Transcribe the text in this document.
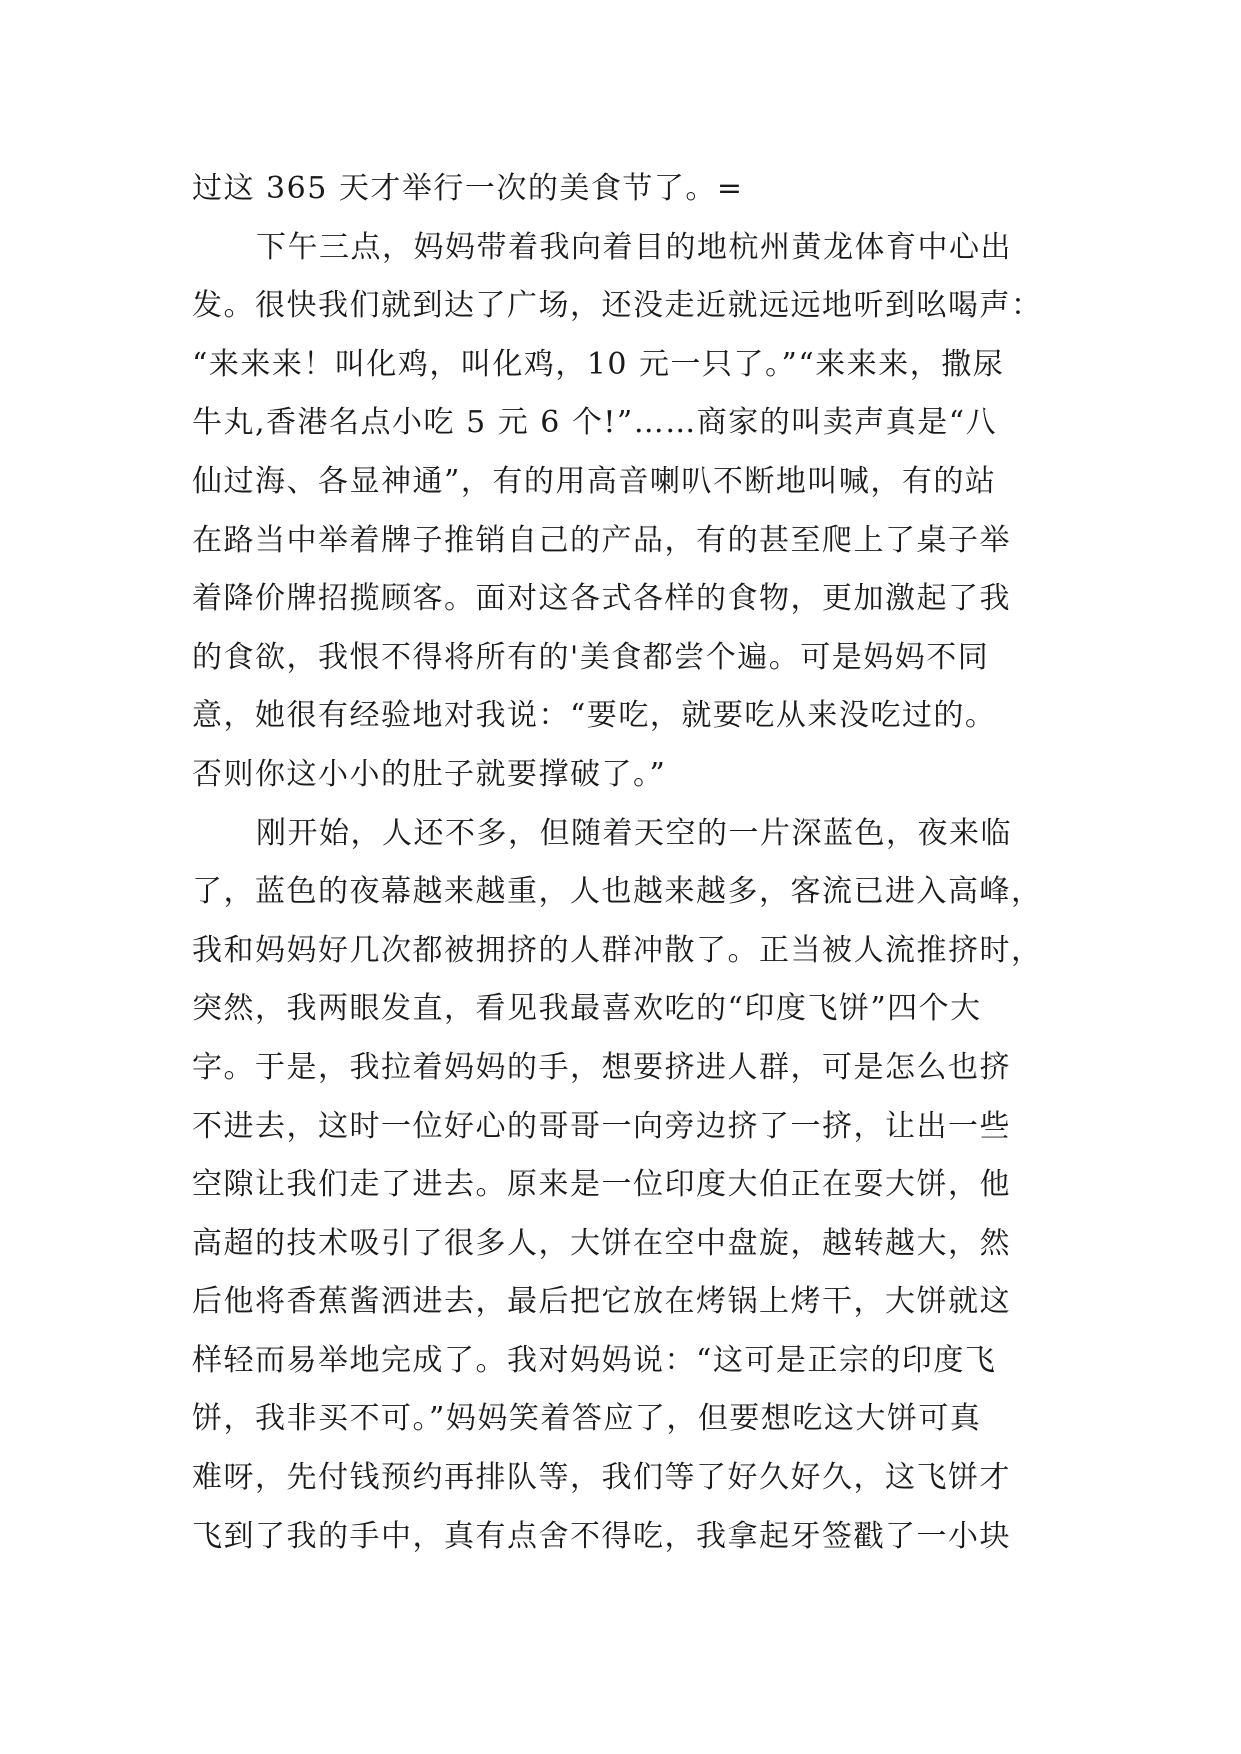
过这 365 天才举行一次的美食节了。=
下午三点，妈妈带着我向着目的地杭州黄龙体育中心出
发。很快我们就到达了广场，还没走近就远远地听到吆喝声：
“来来来！叫化鸡，叫化鸡，10 元一只了。”“来来来，撒尿
牛丸,香港名点小吃 5 元 6 个!”……商家的叫卖声真是“八
仙过海、各显神通”，有的用高音喇叭不断地叫喊，有的站
在路当中举着牌子推销自己的产品，有的甚至爬上了桌子举
着降价牌招揽顾客。面对这各式各样的食物，更加激起了我
的食欲，我恨不得将所有的'美食都尝个遍。可是妈妈不同
意，她很有经验地对我说：“要吃，就要吃从来没吃过的。
否则你这小小的肚子就要撑破了。”
刚开始，人还不多，但随着天空的一片深蓝色，夜来临
了，蓝色的夜幕越来越重，人也越来越多，客流已进入高峰，
我和妈妈好几次都被拥挤的人群冲散了。正当被人流推挤时，
突然，我两眼发直，看见我最喜欢吃的“印度飞饼”四个大
字。于是，我拉着妈妈的手，想要挤进人群，可是怎么也挤
不进去，这时一位好心的哥哥一向旁边挤了一挤，让出一些
空隙让我们走了进去。原来是一位印度大伯正在耍大饼，他
高超的技术吸引了很多人，大饼在空中盘旋，越转越大，然
后他将香蕉酱洒进去，最后把它放在烤锅上烤干，大饼就这
样轻而易举地完成了。我对妈妈说：“这可是正宗的印度飞
饼，我非买不可。”妈妈笑着答应了，但要想吃这大饼可真
难呀，先付钱预约再排队等，我们等了好久好久，这飞饼才
飞到了我的手中，真有点舍不得吃，我拿起牙签戳了一小块
